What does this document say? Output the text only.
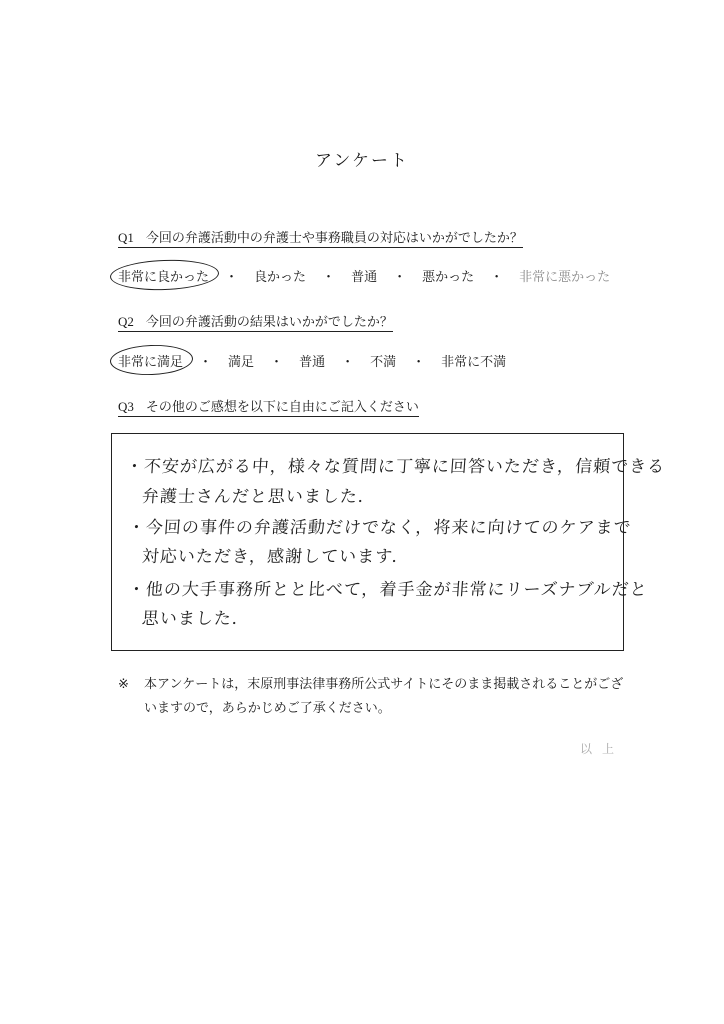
アンケート
Q1 今回の弁護活動中の弁護士や事務職員の対応はいかがでしたか？
非常に良かった ・ 良かった ・ 普通 ・ 悪かった ・ 非常に悪かった
Q2 今回の弁護活動の結果はいかがでしたか？
非常に満足 ・ 満足 ・ 普通 ・ 不満 ・ 非常に不満
Q3 その他のご感想を以下に自由にご記入ください
・不安が広がる中，様々な質問に丁寧に回答いただき，信頼できる
弁護士さんだと思いました．
・今回の事件の弁護活動だけでなく，将来に向けてのケアまで
対応いただき，感謝しています．
・他の大手事務所とと比べて，着手金が非常にリーズナブルだと
思いました．
※ 本アンケートは，末原刑事法律事務所公式サイトにそのまま掲載されることがございますので，あらかじめご了承ください。
以上
